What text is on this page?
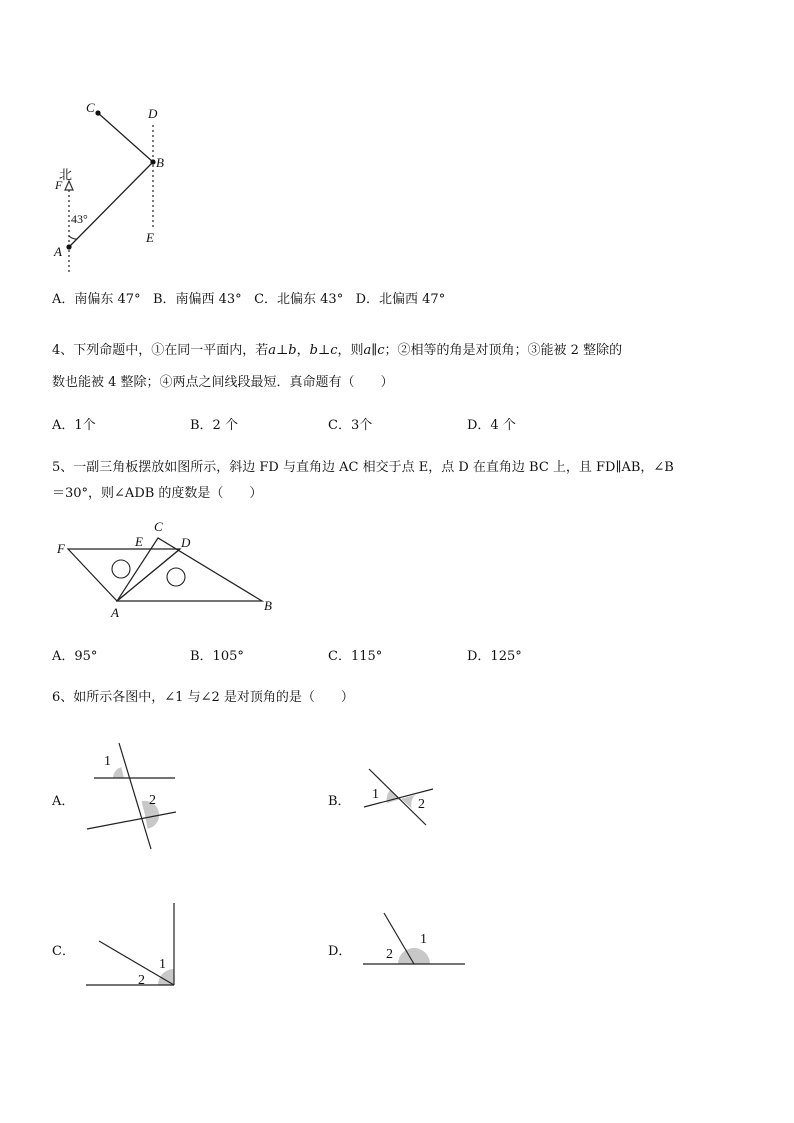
C	D
B
北
F
43°
A
E
A．南偏东 47°   B．南偏西 43°   C．北偏东 43°   D．北偏西 47°
4、下列命题中，①在同一平面内，若a⊥b，b⊥c，则a∥c；②相等的角是对顶角；③能被 2 整除的
数也能被 4 整除；④两点之间线段最短．真命题有（　　）
A．1个	B．2 个	C．3个	D．4 个
5、一副三角板摆放如图所示，斜边 FD 与直角边 AC 相交于点 E，点 D 在直角边 BC 上，且 FD∥AB，∠B
＝30°，则∠ADB 的度数是（　　）
F	E
C
D
A	B
A．95°	B．105°	C．115°	D．125°
6、如所示各图中，∠1 与∠2 是对顶角的是（　　）
A．	B．
C．	D．
1
2	1
2
1
2
1
2
